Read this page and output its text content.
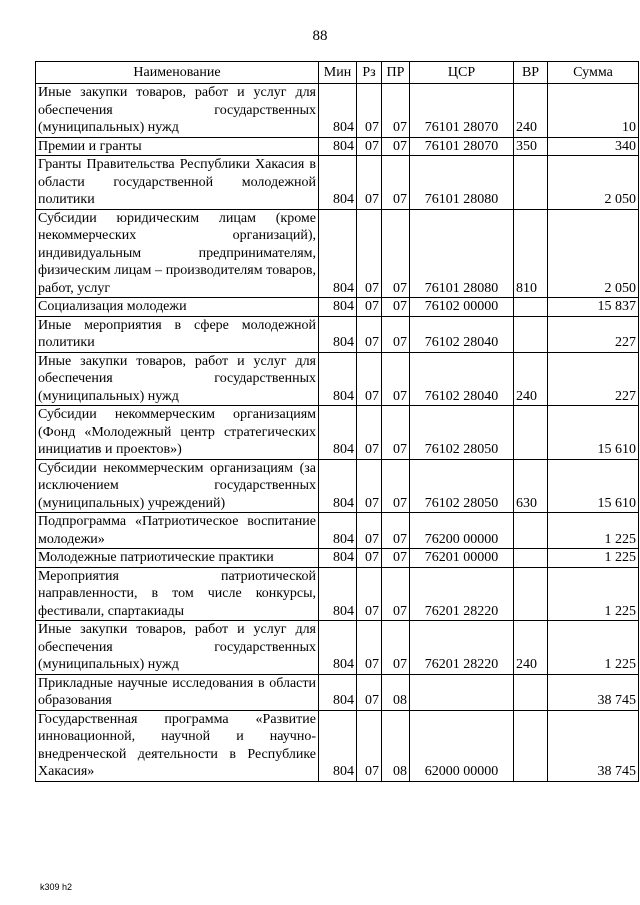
88
Наименование	Мин	Рз	ПР	ЦСР	ВР	Сумма
Иные закупки товаров, работ и услуг для обеспечения государственных (муниципальных) нужд	804	07	07	76101 28070	240	10
Премии и гранты	804	07	07	76101 28070	350	340
Гранты Правительства Республики Хакасия в области государственной молодежной политики	804	07	07	76101 28080		2 050
Субсидии юридическим лицам (кроме некоммерческих организаций), индивидуальным предпринимателям, физическим лицам – производителям товаров, работ, услуг	804	07	07	76101 28080	810	2 050
Социализация молодежи	804	07	07	76102 00000		15 837
Иные мероприятия в сфере молодежной политики	804	07	07	76102 28040		227
Иные закупки товаров, работ и услуг для обеспечения государственных (муниципальных) нужд	804	07	07	76102 28040	240	227
Субсидии некоммерческим организациям (Фонд «Молодежный центр стратегических инициатив и проектов»)	804	07	07	76102 28050		15 610
Субсидии некоммерческим организациям (за исключением государственных (муниципальных) учреждений)	804	07	07	76102 28050	630	15 610
Подпрограмма «Патриотическое воспитание молодежи»	804	07	07	76200 00000		1 225
Молодежные патриотические практики	804	07	07	76201 00000		1 225
Мероприятия патриотической направленности, в том числе конкурсы, фестивали, спартакиады	804	07	07	76201 28220		1 225
Иные закупки товаров, работ и услуг для обеспечения государственных (муниципальных) нужд	804	07	07	76201 28220	240	1 225
Прикладные научные исследования в области образования	804	07	08			38 745
Государственная программа «Развитие инновационной, научной и научно-внедренческой деятельности в Республике Хакасия»	804	07	08	62000 00000		38 745
k309 h2
